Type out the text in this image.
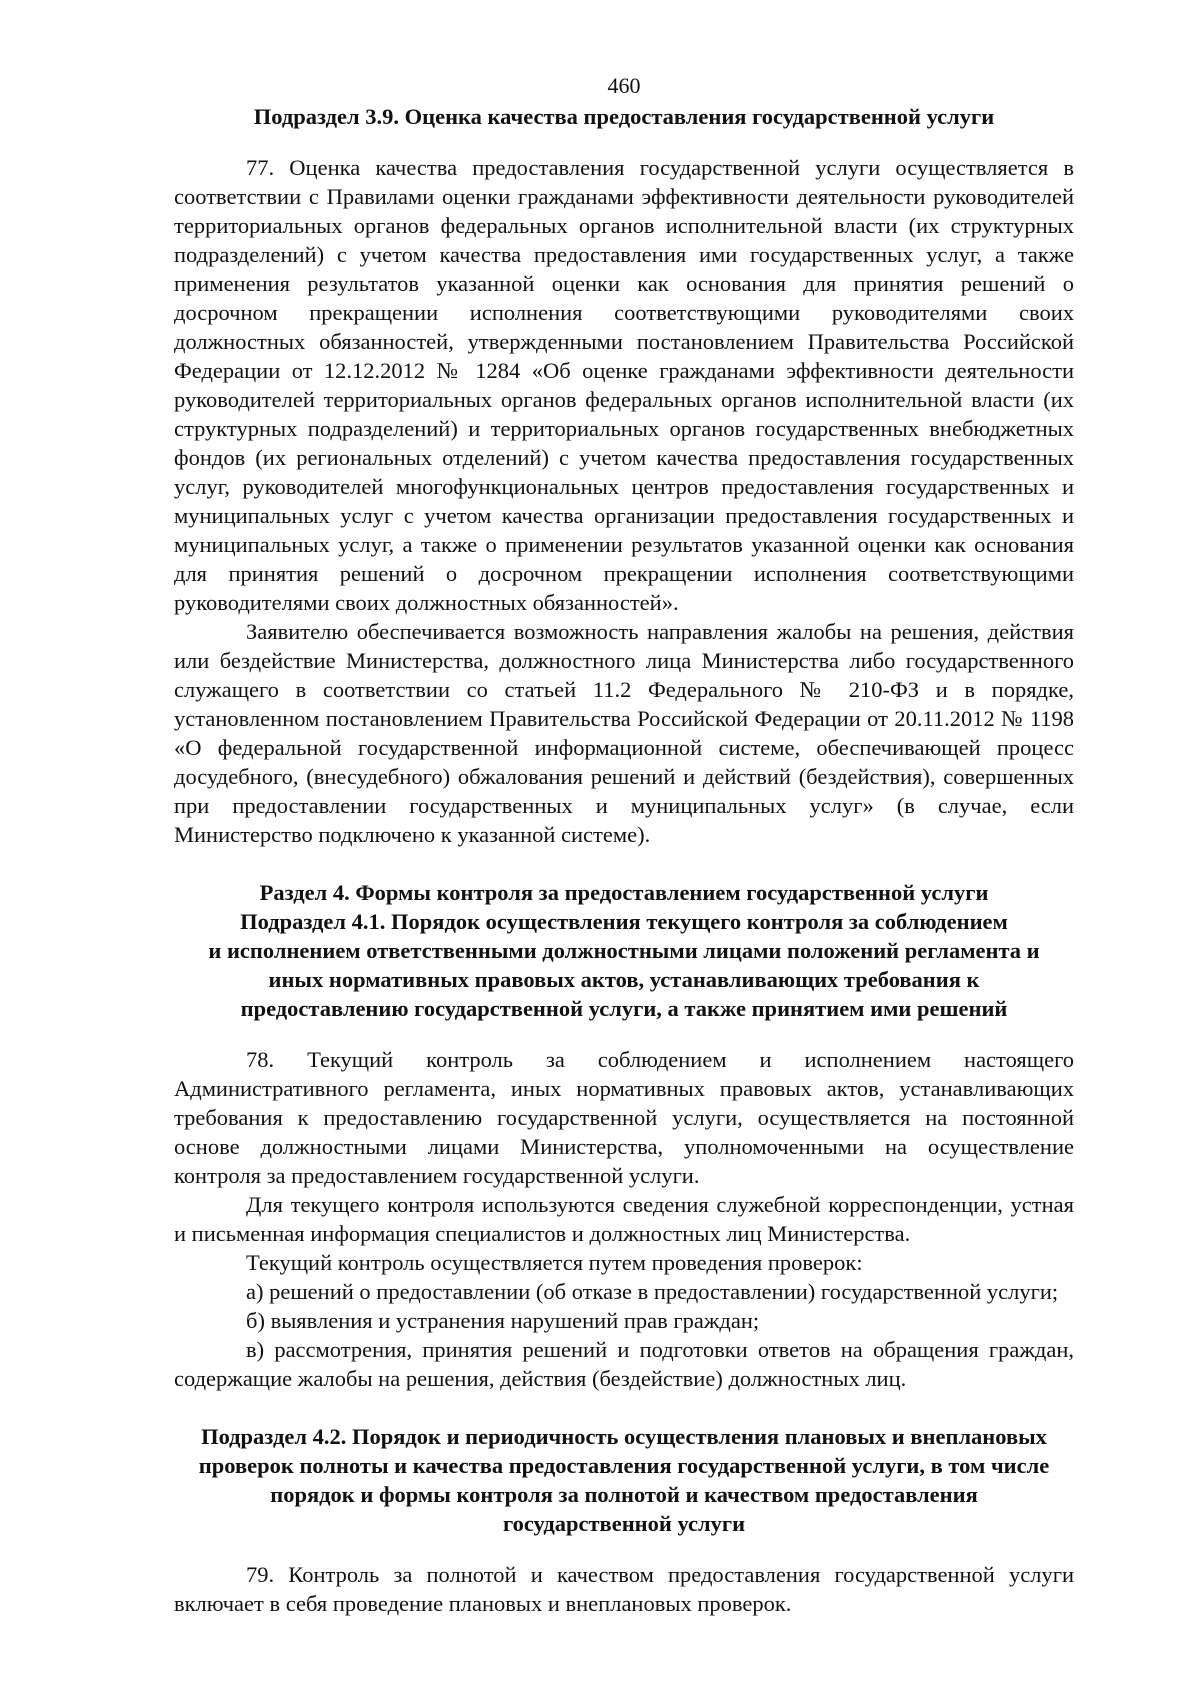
460
Подраздел 3.9. Оценка качества предоставления государственной услуги

77. Оценка качества предоставления государственной услуги осуществляется в соответствии с Правилами оценки гражданами эффективности деятельности руководителей территориальных органов федеральных органов исполнительной власти (их структурных подразделений) с учетом качества предоставления ими государственных услуг, а также применения результатов указанной оценки как основания для принятия решений о досрочном прекращении исполнения соответствующими руководителями своих должностных обязанностей, утвержденными постановлением Правительства Российской Федерации от 12.12.2012 № 1284 «Об оценке гражданами эффективности деятельности руководителей территориальных органов федеральных органов исполнительной власти (их структурных подразделений) и территориальных органов государственных внебюджетных фондов (их региональных отделений) с учетом качества предоставления государственных услуг, руководителей многофункциональных центров предоставления государственных и муниципальных услуг с учетом качества организации предоставления государственных и муниципальных услуг, а также о применении результатов указанной оценки как основания для принятия решений о досрочном прекращении исполнения соответствующими руководителями своих должностных обязанностей».

Заявителю обеспечивается возможность направления жалобы на решения, действия или бездействие Министерства, должностного лица Министерства либо государственного служащего в соответствии со статьей 11.2 Федерального № 210-ФЗ и в порядке, установленном постановлением Правительства Российской Федерации от 20.11.2012 № 1198 «О федеральной государственной информационной системе, обеспечивающей процесс досудебного, (внесудебного) обжалования решений и действий (бездействия), совершенных при предоставлении государственных и муниципальных услуг» (в случае, если Министерство подключено к указанной системе).

Раздел 4. Формы контроля за предоставлением государственной услуги
Подраздел 4.1. Порядок осуществления текущего контроля за соблюдением
и исполнением ответственными должностными лицами положений регламента и
иных нормативных правовых актов, устанавливающих требования к
предоставлению государственной услуги, а также принятием ими решений

78. Текущий контроль за соблюдением и исполнением настоящего Административного регламента, иных нормативных правовых актов, устанавливающих требования к предоставлению государственной услуги, осуществляется на постоянной основе должностными лицами Министерства, уполномоченными на осуществление контроля за предоставлением государственной услуги.

Для текущего контроля используются сведения служебной корреспонденции, устная и письменная информация специалистов и должностных лиц Министерства.

Текущий контроль осуществляется путем проведения проверок:

а) решений о предоставлении (об отказе в предоставлении) государственной услуги;

б) выявления и устранения нарушений прав граждан;

в) рассмотрения, принятия решений и подготовки ответов на обращения граждан, содержащие жалобы на решения, действия (бездействие) должностных лиц.

Подраздел 4.2. Порядок и периодичность осуществления плановых и внеплановых
проверок полноты и качества предоставления государственной услуги, в том числе
порядок и формы контроля за полнотой и качеством предоставления
государственной услуги

79. Контроль за полнотой и качеством предоставления государственной услуги включает в себя проведение плановых и внеплановых проверок.
